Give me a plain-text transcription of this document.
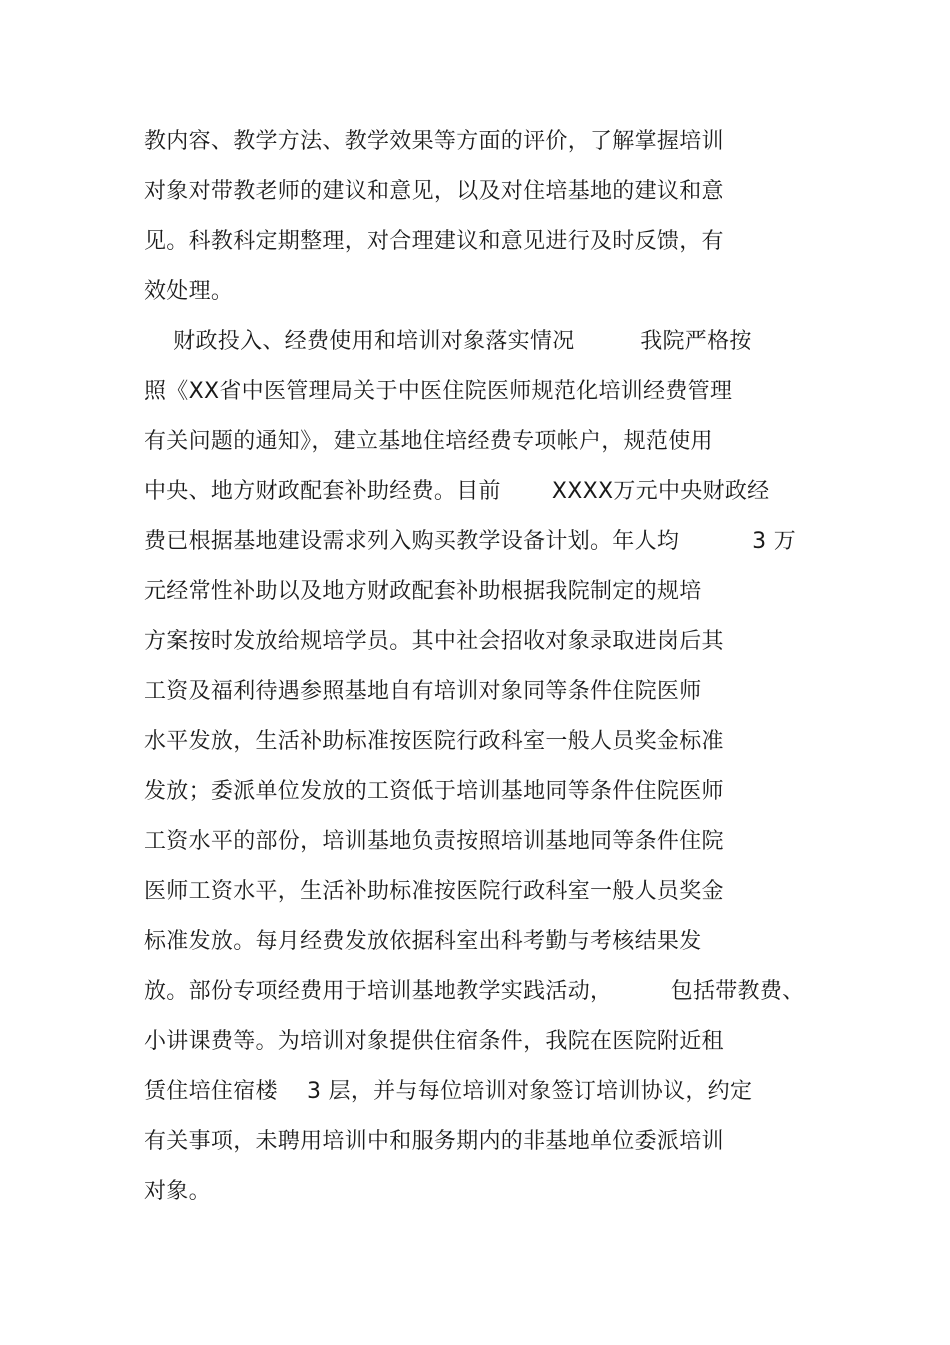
教内容、教学方法、教学效果等方面的评价，了解掌握培训
对象对带教老师的建议和意见，以及对住培基地的建议和意
见。科教科定期整理，对合理建议和意见进行及时反馈，有
效处理。
财政投入、经费使用和培训对象落实情况         我院严格按
照《XX省中医管理局关于中医住院医师规范化培训经费管理
有关问题的通知》，建立基地住培经费专项帐户，规范使用
中央、地方财政配套补助经费。目前       XXXX万元中央财政经
费已根据基地建设需求列入购买教学设备计划。年人均          3 万
元经常性补助以及地方财政配套补助根据我院制定的规培
方案按时发放给规培学员。其中社会招收对象录取进岗后其
工资及福利待遇参照基地自有培训对象同等条件住院医师
水平发放，生活补助标准按医院行政科室一般人员奖金标准
发放；委派单位发放的工资低于培训基地同等条件住院医师
工资水平的部份，培训基地负责按照培训基地同等条件住院
医师工资水平，生活补助标准按医院行政科室一般人员奖金
标准发放。每月经费发放依据科室出科考勤与考核结果发
放。部份专项经费用于培训基地教学实践活动，        包括带教费、
小讲课费等。为培训对象提供住宿条件，我院在医院附近租
赁住培住宿楼    3 层，并与每位培训对象签订培训协议，约定
有关事项，未聘用培训中和服务期内的非基地单位委派培训
对象。
